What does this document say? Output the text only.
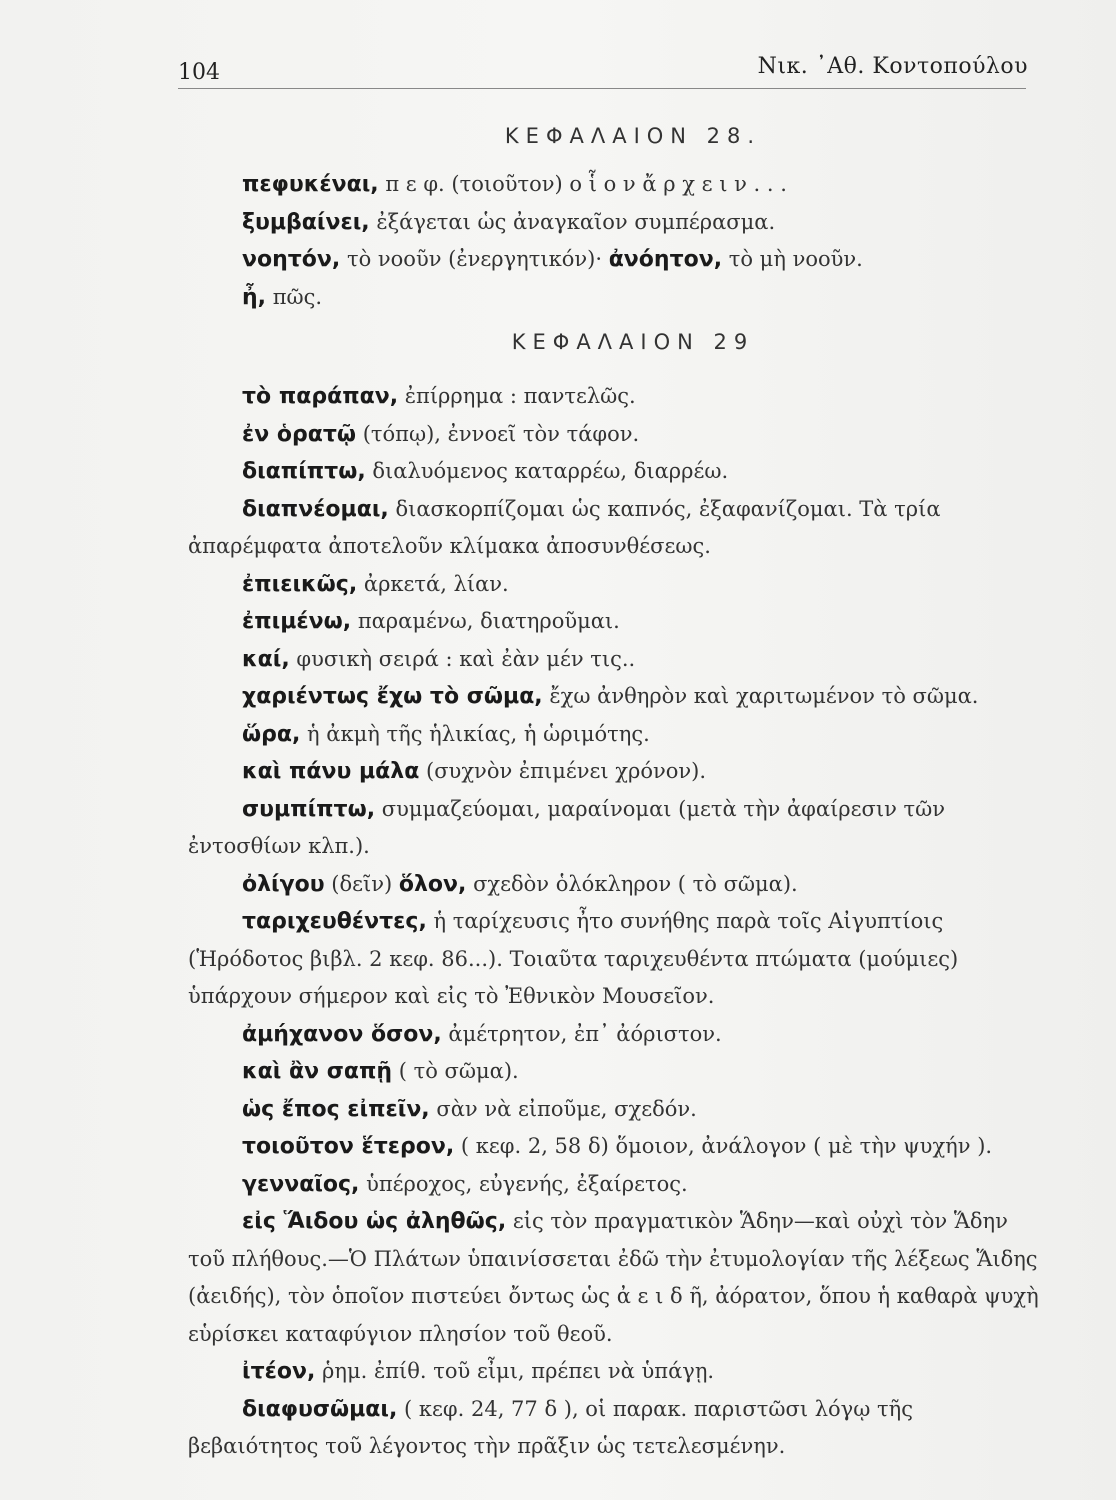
104	Νικ. ᾿Αθ. Κοντοπούλου
ΚΕΦΑΛΑΙΟΝ 28.

πεφυκέναι, π ε φ. (τοιοῦτον) ο ἷ ο ν ἄ ρ χ ε ι ν . . .

ξυμβαίνει, ἐξάγεται ὡς ἀναγκαῖον συμπέρασμα.

νοητόν, τὸ νοοῦν (ἐνεργητικόν)· ἀνόητον, τὸ μὴ νοοῦν.

ἦ, πῶς.

ΚΕΦΑΛΑΙΟΝ 29

τὸ παράπαν, ἐπίρρημα : παντελῶς.

ἐν ὁρατῷ (τόπῳ), ἐννοεῖ τὸν τάφον.

διαπίπτω, διαλυόμενος καταρρέω, διαρρέω.

διαπνέομαι, διασκορπίζομαι ὡς καπνός, ἐξαφανίζομαι. Τὰ τρία ἀπαρέμφατα ἀποτελοῦν κλίμακα ἀποσυνθέσεως.

ἐπιεικῶς, ἀρκετά, λίαν.

ἐπιμένω, παραμένω, διατηροῦμαι.

καί, φυσικὴ σειρά : καὶ ἐὰν μέν τις..

χαριέντως ἔχω τὸ σῶμα, ἔχω ἀνθηρὸν καὶ χαριτωμένον τὸ σῶμα.

ὥρα, ἡ ἀκμὴ τῆς ἡλικίας, ἡ ὡριμότης.

καὶ πάνυ μάλα (συχνὸν ἐπιμένει χρόνον).

συμπίπτω, συμμαζεύομαι, μαραίνομαι (μετὰ τὴν ἀφαίρεσιν τῶν ἐντοσθίων κλπ.).

ὀλίγου (δεῖν) ὅλον, σχεδὸν ὁλόκληρον ( τὸ σῶμα).

ταριχευθέντες, ἡ ταρίχευσις ἦτο συνήθης παρὰ τοῖς Αἰγυπτίοις (Ἡρόδοτος βιβλ. 2 κεφ. 86...). Τοιαῦτα ταριχευθέντα πτώματα (μούμιες) ὑπάρχουν σήμερον καὶ εἰς τὸ Ἐθνικὸν Μουσεῖον.

ἀμήχανον ὅσον, ἀμέτρητον, ἐπ᾿ ἀόριστον.

καὶ ἂν σαπῇ ( τὸ σῶμα).

ὡς ἔπος εἰπεῖν, σὰν νὰ εἰποῦμε, σχεδόν.

τοιοῦτον ἕτερον, ( κεφ. 2, 58 δ) ὅμοιον, ἀνάλογον ( μὲ τὴν ψυχήν ).

γενναῖος, ὑπέροχος, εὐγενής, ἐξαίρετος.

εἰς Ἅιδου ὡς ἀληθῶς, εἰς τὸν πραγματικὸν Ἅδην—καὶ οὐχὶ τὸν Ἅδην τοῦ πλήθους.—Ὁ Πλάτων ὑπαινίσσεται ἐδῶ τὴν ἐτυμολογίαν τῆς λέξεως Ἅιδης (ἀειδής), τὸν ὁποῖον πιστεύει ὄντως ὡς ἀ ε ι δ ῆ, ἀόρατον, ὅπου ἡ καθαρὰ ψυχὴ εὑρίσκει καταφύγιον πλησίον τοῦ θεοῦ.

ἰτέον, ῥημ. ἐπίθ. τοῦ εἶμι, πρέπει νὰ ὑπάγῃ.

διαφυσῶμαι, ( κεφ. 24, 77 δ ), οἱ παρακ. παριστῶσι λόγῳ τῆς βεβαιότητος τοῦ λέγοντος τὴν πρᾶξιν ὡς τετελεσμένην.
